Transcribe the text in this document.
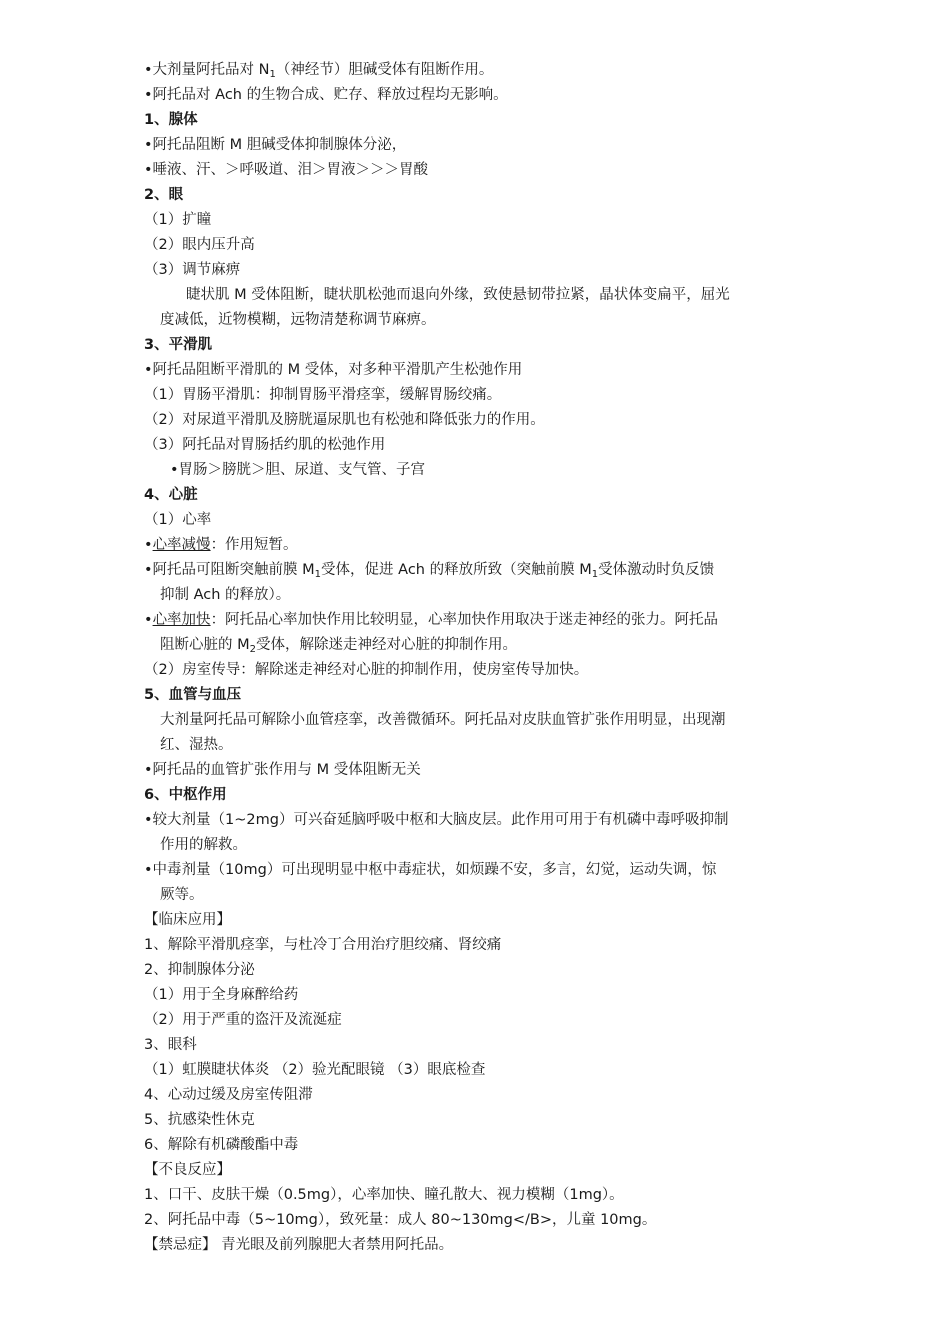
•大剂量阿托品对 $N_1$（神经节）胆碱受体有阻断作用。
•阿托品对 Ach 的生物合成、贮存、释放过程均无影响。
1、腺体
•阿托品阻断 M 胆碱受体抑制腺体分泌，
•唾液、汗、＞呼吸道、泪＞胃液＞＞＞胃酸
2、眼
（1）扩瞳
（2）眼内压升高
（3）调节麻痹
睫状肌 M 受体阻断，睫状肌松弛而退向外缘，致使悬韧带拉紧，晶状体变扁平，屈光
度减低，近物模糊，远物清楚称调节麻痹。
3、平滑肌
•阿托品阻断平滑肌的 M 受体，对多种平滑肌产生松弛作用
（1）胃肠平滑肌：抑制胃肠平滑痉挛，缓解胃肠绞痛。
（2）对尿道平滑肌及膀胱逼尿肌也有松弛和降低张力的作用。
（3）阿托品对胃肠括约肌的松弛作用
•胃肠＞膀胱＞胆、尿道、支气管、子宫
4、心脏
（1）心率
•心率减慢：作用短暂。
•阿托品可阻断突触前膜 $M_1$受体，促进 Ach 的释放所致（突触前膜 $M_1$受体激动时负反馈
抑制 Ach 的释放）。
•心率加快：阿托品心率加快作用比较明显，心率加快作用取决于迷走神经的张力。阿托品
阻断心脏的 $M_2$受体，解除迷走神经对心脏的抑制作用。
（2）房室传导：解除迷走神经对心脏的抑制作用，使房室传导加快。
5、血管与血压
大剂量阿托品可解除小血管痉挛，改善微循环。阿托品对皮肤血管扩张作用明显，出现潮
红、湿热。
•阿托品的血管扩张作用与 M 受体阻断无关
6、中枢作用
•较大剂量（1~2mg）可兴奋延脑呼吸中枢和大脑皮层。此作用可用于有机磷中毒呼吸抑制
作用的解救。
•中毒剂量（10mg）可出现明显中枢中毒症状，如烦躁不安，多言，幻觉，运动失调，惊
厥等。
【临床应用】
1、解除平滑肌痉挛，与杜冷丁合用治疗胆绞痛、肾绞痛
2、抑制腺体分泌
（1）用于全身麻醉给药
（2）用于严重的盗汗及流涎症
3、眼科
（1）虹膜睫状体炎 （2）验光配眼镜 （3）眼底检查
4、心动过缓及房室传阻滞
5、抗感染性休克
6、解除有机磷酸酯中毒
【不良反应】
1、口干、皮肤干燥（0.5mg），心率加快、瞳孔散大、视力模糊（1mg）。
2、阿托品中毒（5~10mg），致死量：成人 80~130mg</B>，儿童 10mg。
【禁忌症】 青光眼及前列腺肥大者禁用阿托品。
